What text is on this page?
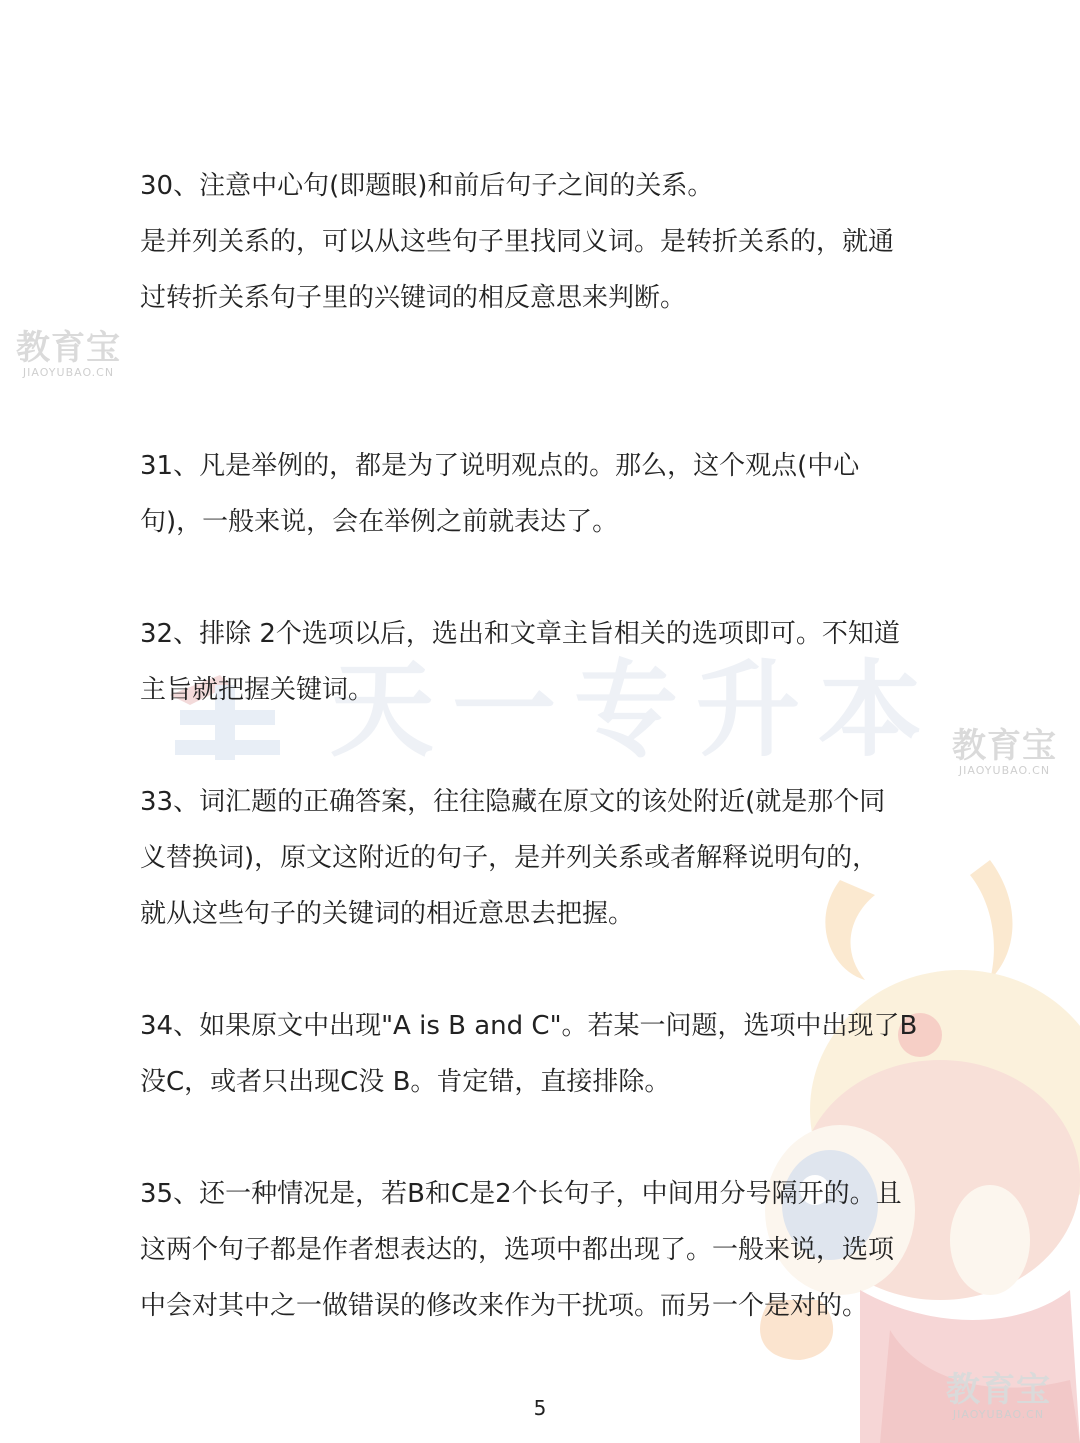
天一专升本
教育宝
JIAOYUBAO.CN
教育宝
JIAOYUBAO.CN
教育宝
JIAOYUBAO.CN
30、注意中心句(即题眼)和前后句子之间的关系。
是并列关系的，可以从这些句子里找同义词。是转折关系的，就通
过转折关系句子里的兴键词的相反意思来判断。
31、凡是举例的，都是为了说明观点的。那么，这个观点(中心
句)，一般来说，会在举例之前就表达了。
32、排除 2个选项以后，选出和文章主旨相关的选项即可。不知道
主旨就把握关键词。
33、词汇题的正确答案，往往隐藏在原文的该处附近(就是那个同
义替换词)，原文这附近的句子，是并列关系或者解释说明句的，
就从这些句子的关键词的相近意思去把握。
34、如果原文中出现"A is B and C"。若某一问题，选项中出现了B
没C，或者只出现C没 B。肯定错，直接排除。
35、还一种情况是，若B和C是2个长句子，中间用分号隔开的。且
这两个句子都是作者想表达的，选项中都出现了。一般来说，选项
中会对其中之一做错误的修改来作为干扰项。而另一个是对的。
5
